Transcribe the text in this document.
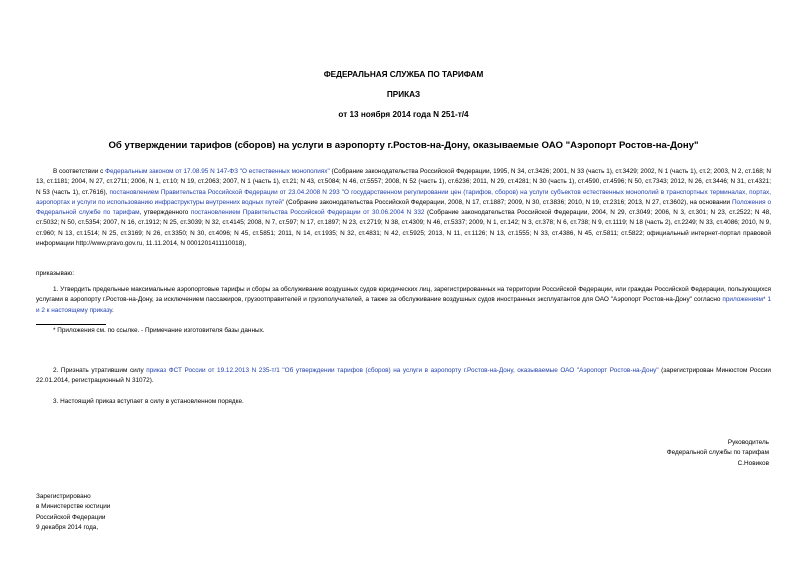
ФЕДЕРАЛЬНАЯ СЛУЖБА ПО ТАРИФАМ
ПРИКАЗ
от 13 ноября 2014 года N 251-т/4
Об утверждении тарифов (сборов) на услуги в аэропорту г.Ростов-на-Дону, оказываемые ОАО "Аэропорт Ростов-на-Дону"

В соответствии с Федеральным законом от 17.08.95 N 147-ФЗ "О естественных монополиях" (Собрание законодательства Российской Федерации, 1995, N 34, ст.3426; 2001, N 33 (часть 1), ст.3429; 2002, N 1 (часть 1), ст.2; 2003, N 2, ст.168; N 13, ст.1181; 2004, N 27, ст.2711; 2006, N 1, ст.10; N 19, ст.2063; 2007, N 1 (часть 1), ст.21; N 43, ст.5084; N 46, ст.5557; 2008, N 52 (часть 1), ст.6236; 2011, N 29, ст.4281; N 30 (часть 1), ст.4590, ст.4596; N 50, ст.7343; 2012, N 26, ст.3446; N 31, ст.4321; N 53 (часть 1), ст.7616), постановлением Правительства Российской Федерации от 23.04.2008 N 293 "О государственном регулировании цен (тарифов, сборов) на услуги субъектов естественных монополий в транспортных терминалах, портах, аэропортах и услуги по использованию инфраструктуры внутренних водных путей" (Собрание законодательства Российской Федерации, 2008, N 17, ст.1887; 2009, N 30, ст.3836; 2010, N 19, ст.2316; 2013, N 27, ст.3602), на основании Положения о Федеральной службе по тарифам, утвержденного постановлением Правительства Российской Федерации от 30.06.2004 N 332 (Собрание законодательства Российской Федерации, 2004, N 29, ст.3049; 2006, N 3, ст.301; N 23, ст.2522; N 48, ст.5032; N 50, ст.5354; 2007, N 16, ст.1912; N 25, ст.3039; N 32, ст.4145; 2008, N 7, ст.597; N 17, ст.1897; N 23, ст.2719; N 38, ст.4309; N 46, ст.5337; 2009, N 1, ст.142; N 3, ст.378; N 6, ст.738; N 9, ст.1119; N 18 (часть 2), ст.2249; N 33, ст.4086; 2010, N 9, ст.960; N 13, ст.1514; N 25, ст.3169; N 26, ст.3350; N 30, ст.4096; N 45, ст.5851; 2011, N 14, ст.1935; N 32, ст.4831; N 42, ст.5925; 2013, N 11, ст.1126; N 13, ст.1555; N 33, ст.4386, N 45, ст.5811; ст.5822; официальный интернет-портал правовой информации http://www.pravo.gov.ru, 11.11.2014, N 0001201411110018),

приказываю:

1. Утвердить предельные максимальные аэропортовые тарифы и сборы за обслуживание воздушных судов юридических лиц, зарегистрированных на территории Российской Федерации, или граждан Российской Федерации, пользующихся услугами в аэропорту г.Ростов-на-Дону, за исключением пассажиров, грузоотправителей и грузополучателей, а также за обслуживание воздушных судов иностранных эксплуатантов для ОАО "Аэропорт Ростов-на-Дону" согласно приложениям* 1 и 2 к настоящему приказу.

* Приложения см. по ссылке. - Примечание изготовителя базы данных.

2. Признать утратившим силу приказ ФСТ России от 19.12.2013 N 235-т/1 "Об утверждении тарифов (сборов) на услуги в аэропорту г.Ростов-на-Дону, оказываемые ОАО "Аэропорт Ростов-на-Дону" (зарегистрирован Минюстом России 22.01.2014, регистрационный N 31072).

3. Настоящий приказ вступает в силу в установленном порядке.

Руководитель
Федеральной службы по тарифам
С.Новиков
Зарегистрировано
в Министерстве юстиции
Российской Федерации
9 декабря 2014 года,
